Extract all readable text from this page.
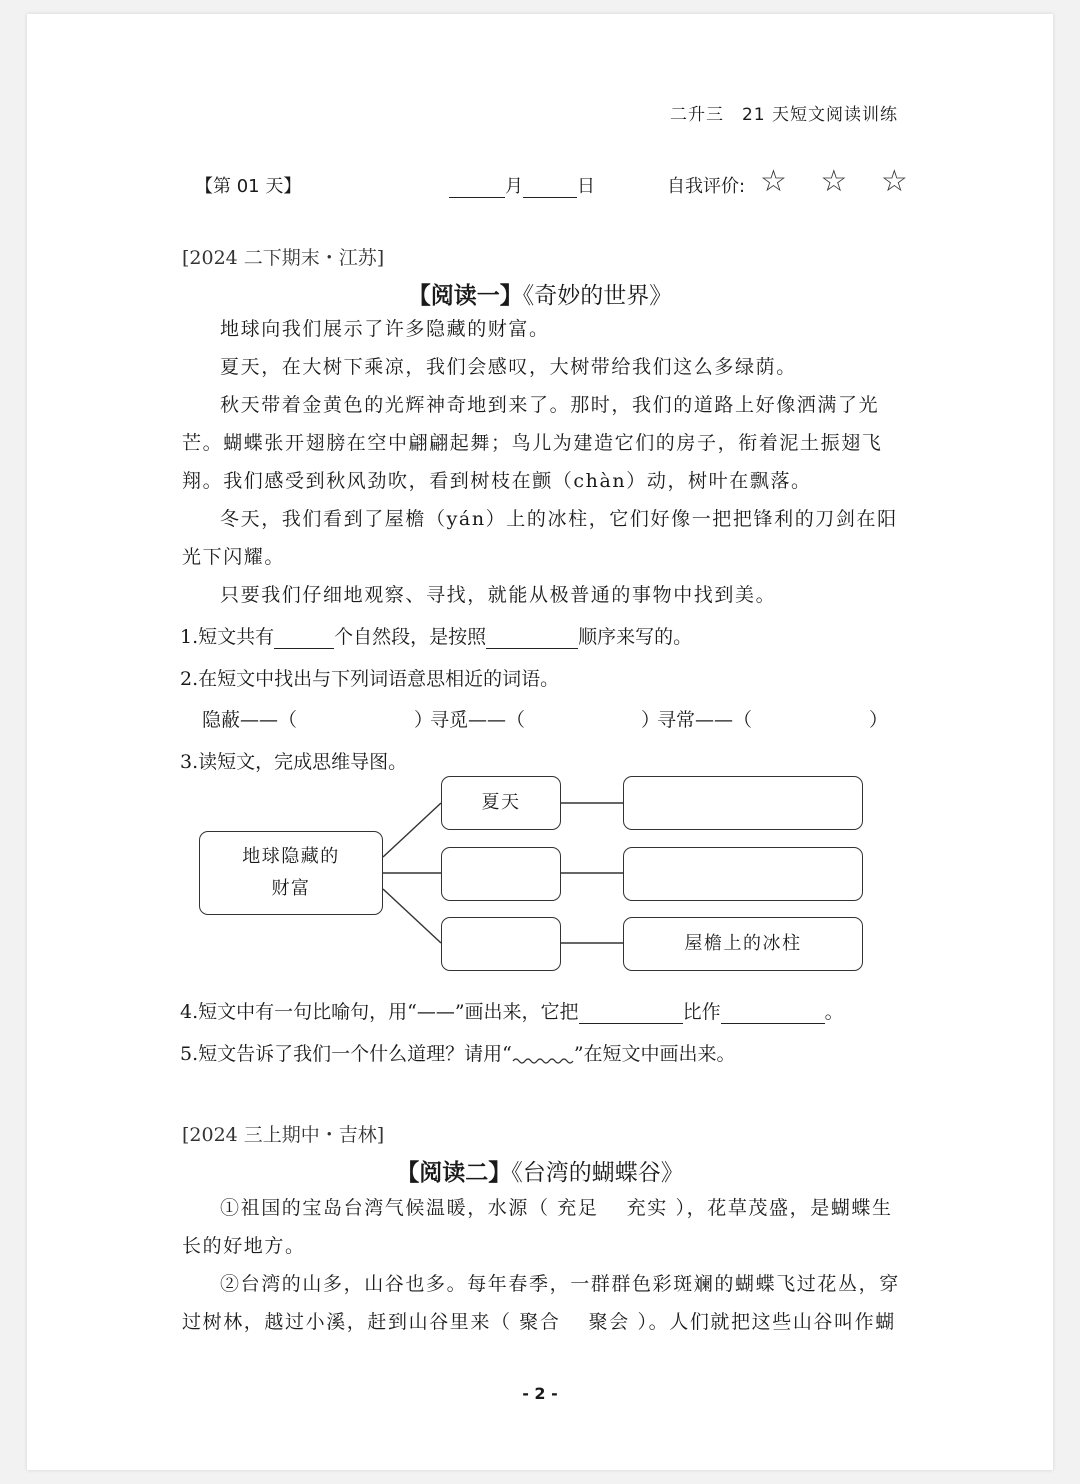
二升三　21 天短文阅读训练
【第 01 天】	月	日	自我评价: ☆ ☆ ☆
[2024 二下期末・江苏]
【阅读一】《奇妙的世界》
地球向我们展示了许多隐藏的财富。
夏天，在大树下乘凉，我们会感叹，大树带给我们这么多绿荫。
秋天带着金黄色的光辉神奇地到来了。那时，我们的道路上好像洒满了光芒。蝴蝶张开翅膀在空中翩翩起舞；鸟儿为建造它们的房子，衔着泥土振翅飞翔。我们感受到秋风劲吹，看到树枝在颤（chàn）动，树叶在飘落。
冬天，我们看到了屋檐（yán）上的冰柱，它们好像一把把锋利的刀剑在阳光下闪耀。
只要我们仔细地观察、寻找，就能从极普通的事物中找到美。
1.短文共有	个自然段，是按照	顺序来写的。
2.在短文中找出与下列词语意思相近的词语。
隐蔽——（	）
寻觅——（	）
寻常——（	）
3.读短文，完成思维导图。
地球隐藏的
财富
夏天
屋檐上的冰柱
4.短文中有一句比喻句，用“——”画出来，它把	比作	。
5.短文告诉了我们一个什么道理？请用“	”在短文中画出来。
[2024 三上期中・吉林]
【阅读二】《台湾的蝴蝶谷》
①祖国的宝岛台湾气候温暖，水源（ 充足　 充实 ），花草茂盛，是蝴蝶生长的好地方。
②台湾的山多，山谷也多。每年春季，一群群色彩斑斓的蝴蝶飞过花丛，穿过树林，越过小溪，赶到山谷里来（ 聚合　 聚会 ）。人们就把这些山谷叫作蝴
- 2 -
